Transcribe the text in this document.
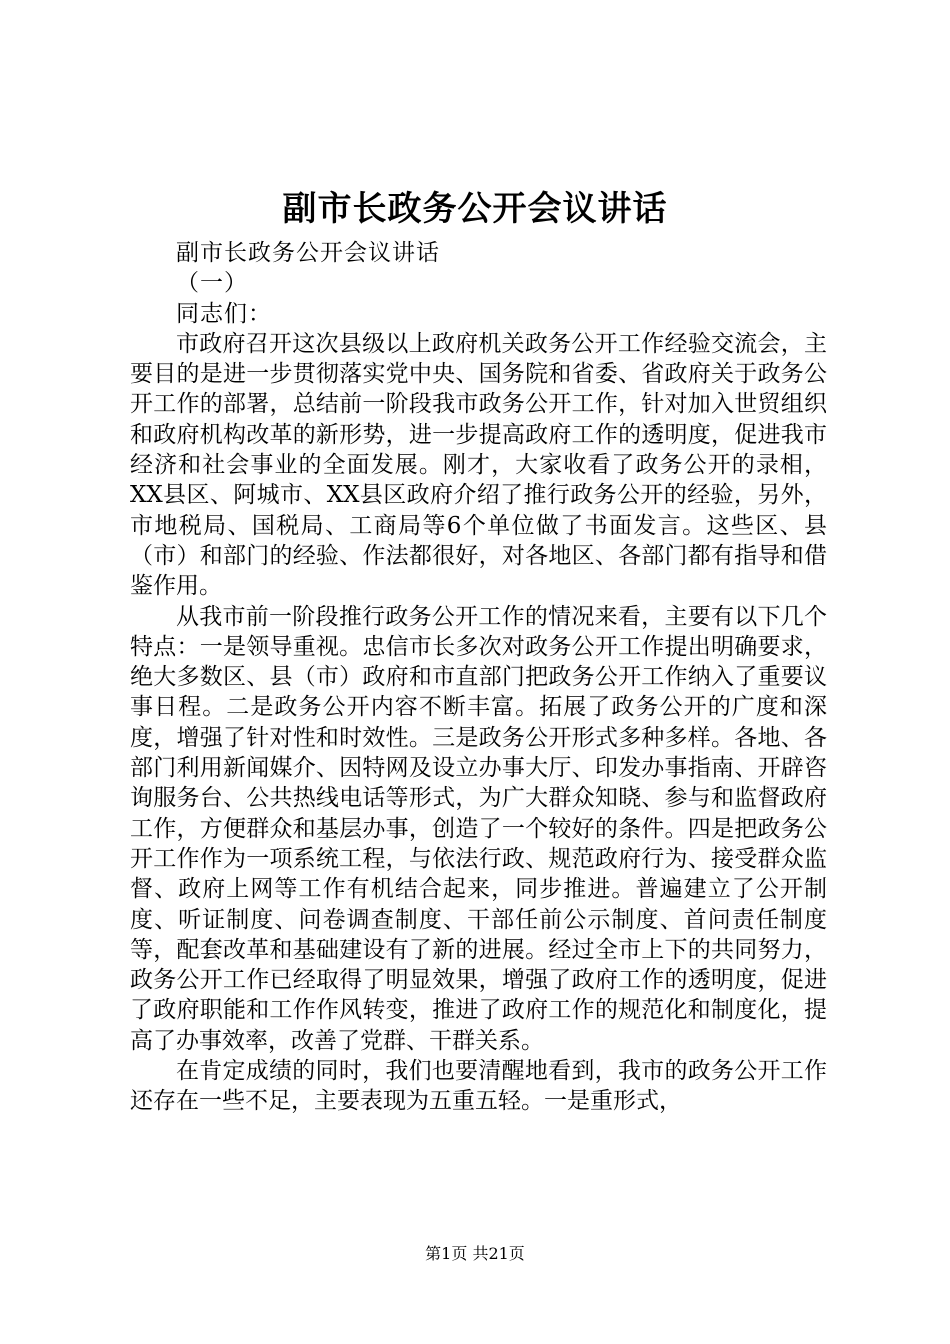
副市长政务公开会议讲话

副市长政务公开会议讲话

（一）

同志们：

市政府召开这次县级以上政府机关政务公开工作经验交流会，主要目的是进一步贯彻落实党中央、国务院和省委、省政府关于政务公开工作的部署，总结前一阶段我市政务公开工作，针对加入世贸组织和政府机构改革的新形势，进一步提高政府工作的透明度，促进我市经济和社会事业的全面发展。刚才，大家收看了政务公开的录相，XX县区、阿城市、XX县区政府介绍了推行政务公开的经验，另外，市地税局、国税局、工商局等6个单位做了书面发言。这些区、县（市）和部门的经验、作法都很好，对各地区、各部门都有指导和借鉴作用。

从我市前一阶段推行政务公开工作的情况来看，主要有以下几个特点：一是领导重视。忠信市长多次对政务公开工作提出明确要求，绝大多数区、县（市）政府和市直部门把政务公开工作纳入了重要议事日程。二是政务公开内容不断丰富。拓展了政务公开的广度和深度，增强了针对性和时效性。三是政务公开形式多种多样。各地、各部门利用新闻媒介、因特网及设立办事大厅、印发办事指南、开辟咨询服务台、公共热线电话等形式，为广大群众知晓、参与和监督政府工作，方便群众和基层办事，创造了一个较好的条件。四是把政务公开工作作为一项系统工程，与依法行政、规范政府行为、接受群众监督、政府上网等工作有机结合起来，同步推进。普遍建立了公开制度、听证制度、问卷调查制度、干部任前公示制度、首问责任制度等，配套改革和基础建设有了新的进展。经过全市上下的共同努力，政务公开工作已经取得了明显效果，增强了政府工作的透明度，促进了政府职能和工作作风转变，推进了政府工作的规范化和制度化，提高了办事效率，改善了党群、干群关系。

在肯定成绩的同时，我们也要清醒地看到，我市的政务公开工作还存在一些不足，主要表现为五重五轻。一是重形式，

第1页 共21页
